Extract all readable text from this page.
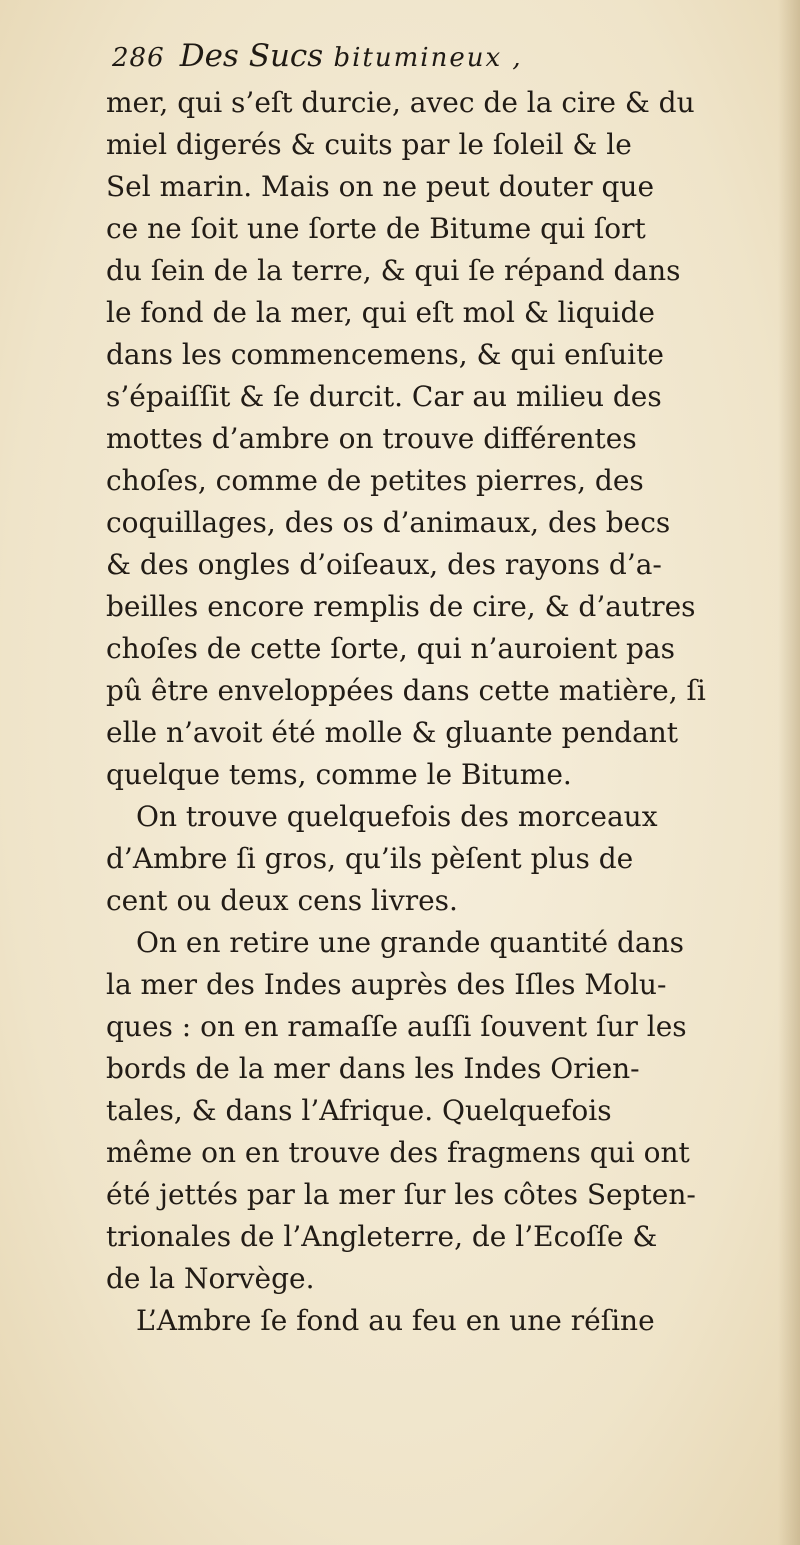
286 Des Sucs bitumineux ,
mer, qui s’eſt durcie, avec de la cire & du
miel digerés & cuits par le ſoleil & le
Sel marin. Mais on ne peut douter que
ce ne ſoit une ſorte de Bitume qui ſort
du ſein de la terre, & qui ſe répand dans
le fond de la mer, qui eſt mol & liquide
dans les commencemens, & qui enſuite
s’épaiſſit & ſe durcit. Car au milieu des
mottes d’ambre on trouve différentes
choſes, comme de petites pierres, des
coquillages, des os d’animaux, des becs
& des ongles d’oiſeaux, des rayons d’a-
beilles encore remplis de cire, & d’autres
choſes de cette ſorte, qui n’auroient pas
pû être enveloppées dans cette matière, ſi
elle n’avoit été molle & gluante pendant
quelque tems, comme le Bitume.
On trouve quelquefois des morceaux
d’Ambre ſi gros, qu’ils pèſent plus de
cent ou deux cens livres.
On en retire une grande quantité dans
la mer des Indes auprès des Iſles Molu-
ques : on en ramaſſe auſſi ſouvent ſur les
bords de la mer dans les Indes Orien-
tales, & dans l’Afrique. Quelquefois
même on en trouve des fragmens qui ont
été jettés par la mer ſur les côtes Septen-
trionales de l’Angleterre, de l’Ecoſſe &
de la Norvège.
L’Ambre ſe fond au feu en une réſine
